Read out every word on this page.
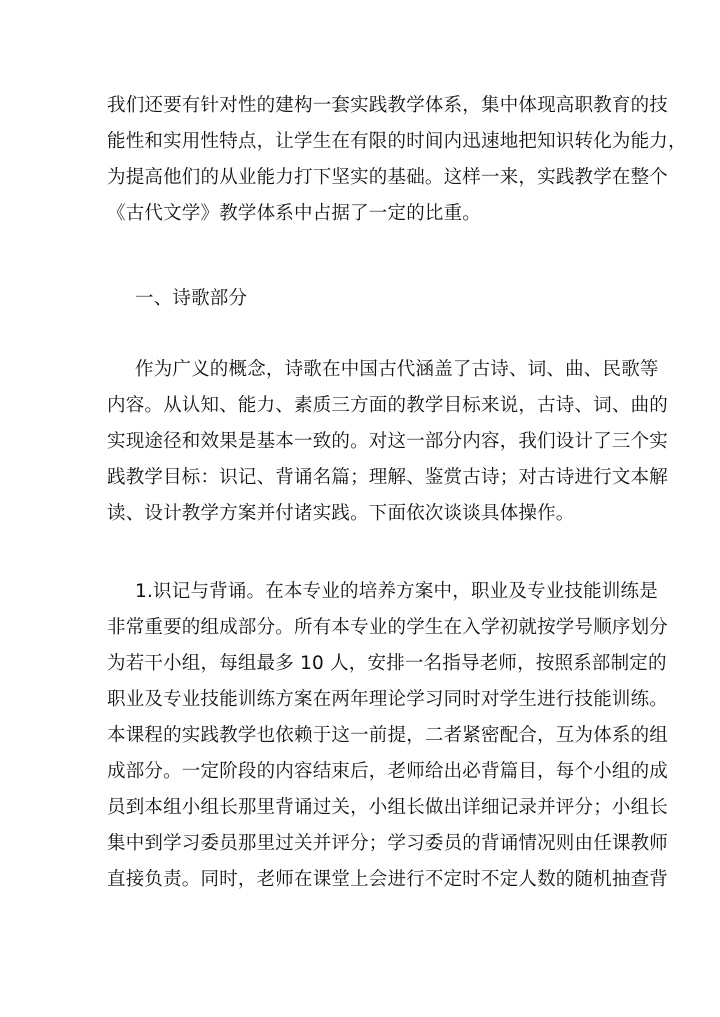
我们还要有针对性的建构一套实践教学体系，集中体现高职教育的技
能性和实用性特点，让学生在有限的时间内迅速地把知识转化为能力，
为提高他们的从业能力打下坚实的基础。这样一来，实践教学在整个
《古代文学》教学体系中占据了一定的比重。
一、诗歌部分
作为广义的概念，诗歌在中国古代涵盖了古诗、词、曲、民歌等
内容。从认知、能力、素质三方面的教学目标来说，古诗、词、曲的
实现途径和效果是基本一致的。对这一部分内容，我们设计了三个实
践教学目标：识记、背诵名篇；理解、鉴赏古诗；对古诗进行文本解
读、设计教学方案并付诸实践。下面依次谈谈具体操作。
1.识记与背诵。在本专业的培养方案中，职业及专业技能训练是
非常重要的组成部分。所有本专业的学生在入学初就按学号顺序划分
为若干小组，每组最多 10 人，安排一名指导老师，按照系部制定的
职业及专业技能训练方案在两年理论学习同时对学生进行技能训练。
本课程的实践教学也依赖于这一前提，二者紧密配合，互为体系的组
成部分。一定阶段的内容结束后，老师给出必背篇目，每个小组的成
员到本组小组长那里背诵过关，小组长做出详细记录并评分；小组长
集中到学习委员那里过关并评分；学习委员的背诵情况则由任课教师
直接负责。同时，老师在课堂上会进行不定时不定人数的随机抽查背
